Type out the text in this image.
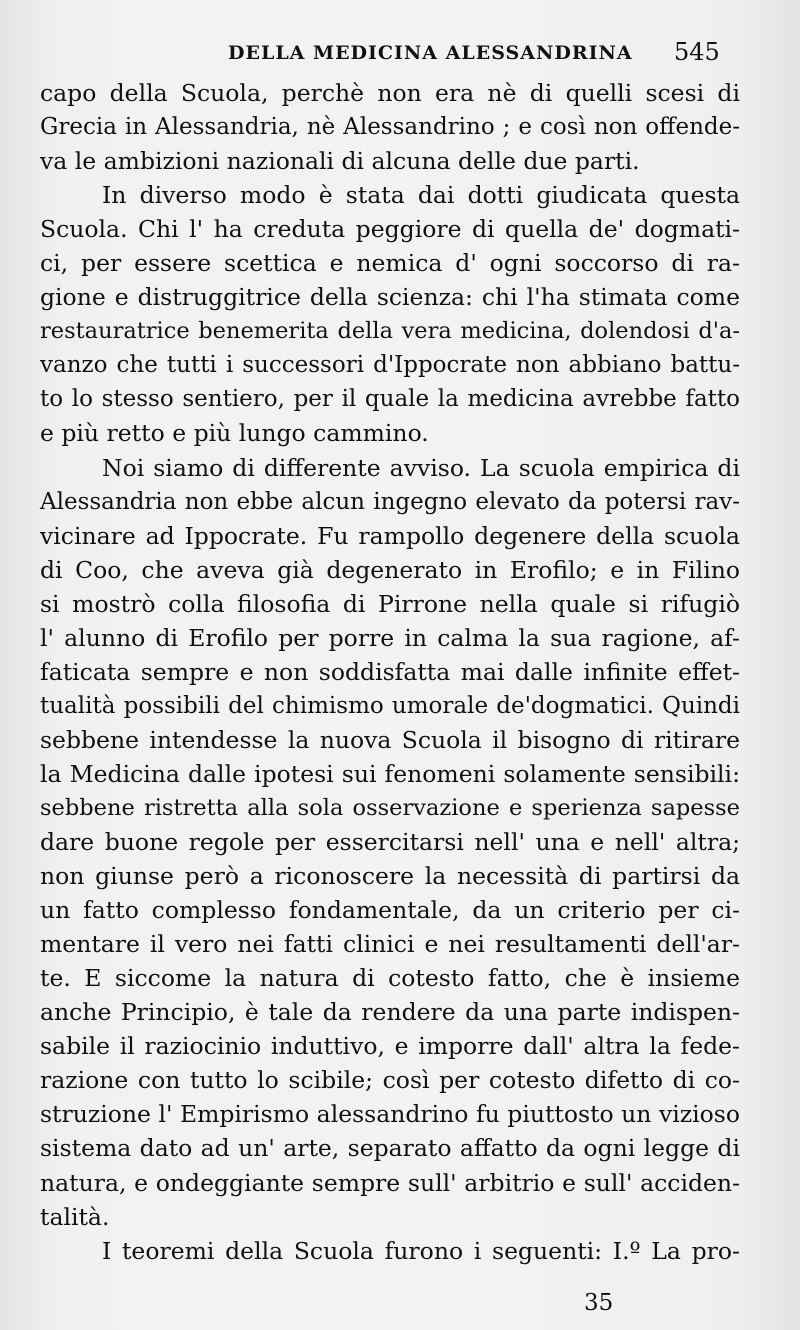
DELLA MEDICINA ALESSANDRINA 545
capo della Scuola, perchè non era nè di quelli scesi di
Grecia in Alessandria, nè Alessandrino ; e così non offende-
va le ambizioni nazionali di alcuna delle due parti.
In diverso modo è stata dai dotti giudicata questa
Scuola. Chi l' ha creduta peggiore di quella de' dogmati-
ci, per essere scettica e nemica d' ogni soccorso di ra-
gione e distruggitrice della scienza: chi l'ha stimata come
restauratrice benemerita della vera medicina, dolendosi d'a-
vanzo che tutti i successori d'Ippocrate non abbiano battu-
to lo stesso sentiero, per il quale la medicina avrebbe fatto
e più retto e più lungo cammino.
Noi siamo di differente avviso. La scuola empirica di
Alessandria non ebbe alcun ingegno elevato da potersi rav-
vicinare ad Ippocrate. Fu rampollo degenere della scuola
di Coo, che aveva già degenerato in Erofilo; e in Filino
si mostrò colla filosofia di Pirrone nella quale si rifugiò
l' alunno di Erofilo per porre in calma la sua ragione, af-
faticata sempre e non soddisfatta mai dalle infinite effet-
tualità possibili del chimismo umorale de'dogmatici. Quindi
sebbene intendesse la nuova Scuola il bisogno di ritirare
la Medicina dalle ipotesi sui fenomeni solamente sensibili:
sebbene ristretta alla sola osservazione e sperienza sapesse
dare buone regole per essercitarsi nell' una e nell' altra;
non giunse però a riconoscere la necessità di partirsi da
un fatto complesso fondamentale, da un criterio per ci-
mentare il vero nei fatti clinici e nei resultamenti dell'ar-
te. E siccome la natura di cotesto fatto, che è insieme
anche Principio, è tale da rendere da una parte indispen-
sabile il raziocinio induttivo, e imporre dall' altra la fede-
razione con tutto lo scibile; così per cotesto difetto di co-
struzione l' Empirismo alessandrino fu piuttosto un vizioso
sistema dato ad un' arte, separato affatto da ogni legge di
natura, e ondeggiante sempre sull' arbitrio e sull' acciden-
talità.
I teoremi della Scuola furono i seguenti: I.º La pro-
35
